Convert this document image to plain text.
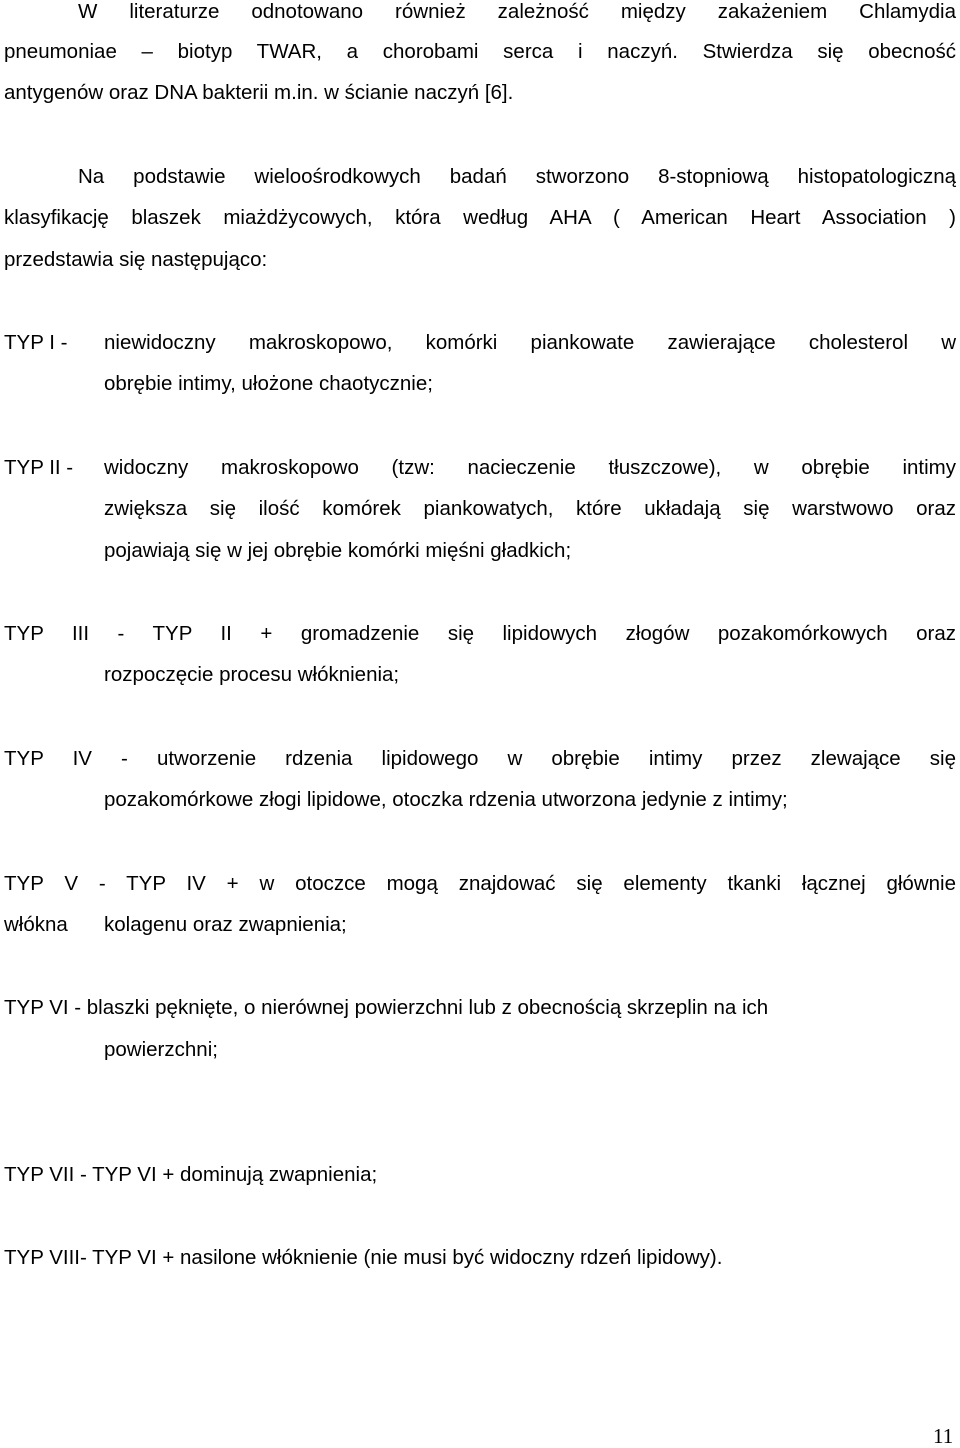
W literaturze odnotowano również zależność między zakażeniem Chlamydia
pneumoniae – biotyp TWAR, a chorobami serca i naczyń. Stwierdza się obecność
antygenów oraz DNA bakterii m.in. w ścianie naczyń [6].
Na podstawie wieloośrodkowych badań stworzono 8-stopniową histopatologiczną
klasyfikację blaszek miażdżycowych, która według AHA ( American Heart Association )
przedstawia się następująco:
TYP I - niewidoczny makroskopowo, komórki piankowate zawierające cholesterol w
obrębie intimy, ułożone chaotycznie;
TYP II - widoczny makroskopowo (tzw: nacieczenie tłuszczowe), w obrębie intimy
zwiększa się ilość komórek piankowatych, które układają się warstwowo oraz
pojawiają się w jej obrębie komórki mięśni gładkich;
TYP III - TYP II + gromadzenie się lipidowych złogów pozakomórkowych oraz
rozpoczęcie procesu włóknienia;
TYP IV - utworzenie rdzenia lipidowego w obrębie intimy przez zlewające się
pozakomórkowe złogi lipidowe, otoczka rdzenia utworzona jedynie z intimy;
TYP V - TYP IV + w otoczce mogą znajdować się elementy tkanki łącznej głównie
włókna kolagenu oraz zwapnienia;
TYP VI - blaszki pęknięte, o nierównej powierzchni lub z obecnością skrzeplin na ich
powierzchni;
TYP VII - TYP VI + dominują zwapnienia;
TYP VIII- TYP VI + nasilone włóknienie (nie musi być widoczny rdzeń lipidowy).
11
